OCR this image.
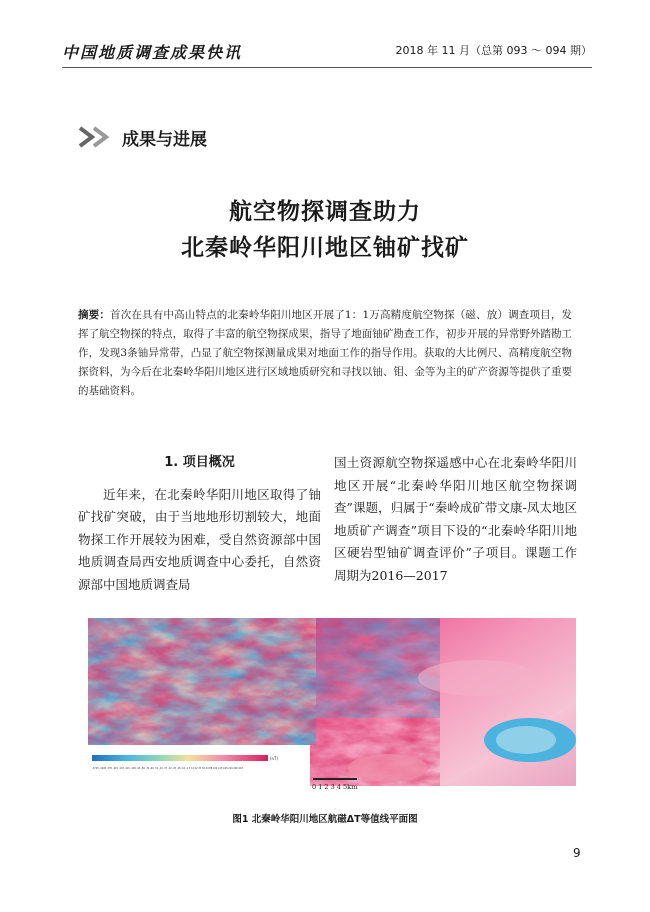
中国地质调查成果快讯	2018 年 11 月（总第 093 ～ 094 期）
成果与进展
航空物探调查助力
北秦岭华阳川地区铀矿找矿
摘要：首次在具有中高山特点的北秦岭华阳川地区开展了1：1万高精度航空物探（磁、放）调查项目，发挥了航空物探的特点，取得了丰富的航空物探成果，指导了地面铀矿勘查工作，初步开展的异常野外踏勘工作，发现3条铀异常带，凸显了航空物探测量成果对地面工作的指导作用。获取的大比例尺、高精度航空物探资料，为今后在北秦岭华阳川地区进行区域地质研究和寻找以铀、钼、金等为主的矿产资源等提供了重要的基础资料。
1. 项目概况
近年来，在北秦岭华阳川地区取得了铀矿找矿突破，由于当地地形切割较大，地面物探工作开展较为困难，受自然资源部中国地质调查局西安地质调查中心委托，自然资源部中国地质调查局
国土资源航空物探遥感中心在北秦岭华阳川地区开展“北秦岭华阳川地区航空物探调查”课题，归属于“秦岭成矿带文康-凤太地区地质矿产调查”项目下设的“北秦岭华阳川地区硬岩型铀矿调查评价”子项目。课题工作周期为2016—2017
-2745 -1045 -335 -215 -133 -115 -106 -93 -84 -70 -60 -51 -44 -37 -32 -25 -18 -10 -2 5 12 22 33 50 64 88 104 125 165 210 290 443
(nT)
0 1 2 3 4 5km
图1 北秦岭华阳川地区航磁ΔT等值线平面图
9
